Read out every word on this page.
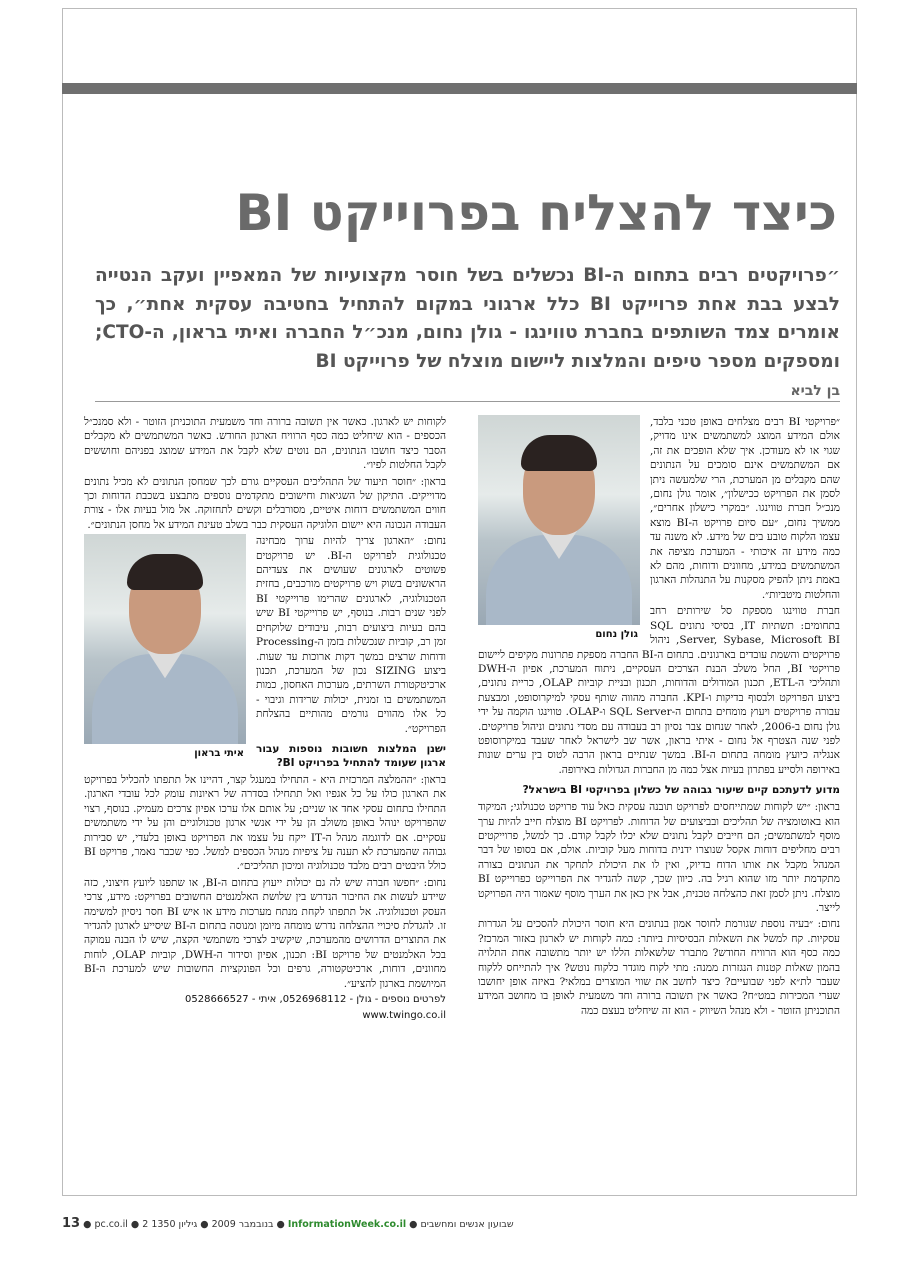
כיצד להצליח בפרוייקט BI
״פרויקטים רבים בתחום ה-BI נכשלים בשל חוסר מקצועיות של המאפיין ועקב הנטייה לבצע בבת אחת פרוייקט BI כלל ארגוני במקום להתחיל בחטיבה עסקית אחת״, כך אומרים צמד השותפים בחברת טווינגו - גולן נחום, מנכ״ל החברה ואיתי בראון, ה-CTO; ומספקים מספר טיפים והמלצות ליישום מוצלח של פרוייקט BI
בן לביא
גולן נחום

״פרויקטי BI רבים מצלחים באופן טכני בלבד, אולם המידע המוצג למשתמשים אינו מדויק, שגוי או לא מעודכן. איך שלא הופכים את זה, אם המשתמשים אינם סומכים על הנתונים שהם מקבלים מן המערכת, הרי שלמעשה ניתן לסמן את הפרויקט ככישלון״, אומר גולן נחום, מנכ״ל חברת טווינגו. ״במקרי כישלון אחרים״, ממשיך נחום, ״עם סיום פרויקט ה-BI מוצא עצמו הלקוח טובע בים של מידע. לא משנה עד כמה מידע זה איכותי - המערכת מציפה את המשתמשים במידע, מחוונים ודוחות, מהם לא באמת ניתן להפיק מסקנות על התנהלות הארגון והחלטות מיטביות״.

חברת טווינגו מספקת סל שירותים רחב בתחומים: תשתיות IT, בסיסי נתונים SQL Server, Sybase, Microsoft BI, ניהול פרויקטים והשמת עובדים בארגונים. בתחום ה-BI החברה מספקת פתרונות מקיפים ליישום פרויקטי BI, החל משלב הבנת הצרכים העסקיים, ניתוח המערכת, אפיון ה-DWH ותהליכי ה-ETL, תכנון המודולים והדוחות, תכנון ובניית קוביות OLAP, כריית נתונים, ביצוע הפרויקט ולבסוף בדיקות ו-KPI. החברה מהווה שותף עסקי למיקרוסופט, ומבצעת עבורה פרויקטים ויעוץ מומחים בתחום ה-SQL Server ו-OLAP. טווינגו הוקמה על ידי גולן נחום ב-2006, לאחר שנחום צבר נסיון רב בעבודה עם מסדי נתונים וניהול פרויקטים. לפני שנה הצטרף אל נחום - איתי בראון, אשר שב לישראל לאחר שעבד במיקרוסופט אנגליה כיועץ מומחה בתחום ה-BI. במשך שנתיים בראון הרבה לטוס בין ערים שונות באירופה ולסייע בפתרון בעיות אצל כמה מן החברות הגדולות באירופה.

מדוע לדעתכם קיים שיעור גבוהה של כשלון בפרויקטי BI בישראל?

בראון: ״יש לקוחות שמתייחסים לפרויקט תובנה עסקית כאל עוד פרויקט טכנולוגי; המיקוד הוא באוטומציה של תהליכים ובביצועים של הדוחות. לפרויקט BI מוצלח חייב להיות ערך מוסף למשתמשים; הם חייבים לקבל נתונים שלא יכלו לקבל קודם. כך למשל, פרוייקטים רבים מחליפים דוחות אקסל שנוצרו ידנית בדוחות מעל קוביות. אולם, אם בסופו של דבר המנהל מקבל את אותו הדוח בדיוק, ואין לו את היכולת לתחקר את הנתונים בצורה מתקדמת יותר מזו שהוא רגיל בה. כיוון שכך, קשה להגדיר את הפרוייקט כפרוייקט BI מוצלח. ניתן לסמן זאת כהצלחה טכנית, אבל אין כאן את הערך מוסף שאמור היה הפרויקט לייצר.

נחום: ״בעיה נוספת שגורמת לחוסר אמון בנתונים היא חוסר היכולת להסכים על הגדרות עסקיות. קח למשל את השאלות הבסיסיות ביותר: כמה לקוחות יש לארגון באזור המרכז? כמה כסף הוא הרוויח החודש? מתברר שלשאלות הללו יש יותר מתשובה אחת התלויה בהמון שאלות קטנות הנגזרות ממנה: מתי לקוח מוגדר כלקוח נוטש? איך להתייחס ללקוח שעבר לת״א לפני שבועיים? כיצד לחשב את שווי המוצרים במלאי? באיזה אופן יחושבו שערי המכירות במט״ח? כאשר אין תשובה ברורה וחד משמעית לאופן בו מחושב המידע התוכניתן הזוטר - ולא מנהל השיווק - הוא זה שיחליט בעצם כמה

לקוחות יש לארגון. כאשר אין תשובה ברורה וחד משמעית התוכניתן הזוטר - ולא סמנכ״ל הכספים - הוא שיחליט כמה כסף הרוויח הארגון החודש. כאשר המשתמשים לא מקבלים הסבר כיצד חושבו הנתונים, הם נוטים שלא לקבל את המידע שמוצג בפניהם וחוששים לקבל החלטות לפיו״.

בראון: ״חוסר תיעוד של התהליכים העסקיים גורם לכך שמחסן הנתונים לא מכיל נתונים מדוייקים. התיקון של השגיאות וחישובים מתקדמים נוספים מתבצע בשכבת הדוחות וכך חווים המשתמשים דוחות איטיים, מסורבלים וקשים לתחזוקה. אל מול בעיות אלו - צורת העבודה הנכונה היא יישום הלוגיקה העסקית כבר בשלב טעינת המידע אל מחסן הנתונים״.

איתי בראון

נחום: ״הארגון צריך להיות ערוך מבחינה טכנולוגית לפרויקט ה-BI. יש פרויקטים פשוטים לארגונים שעושים את צעדיהם הראשונים בשוק ויש פרויקטים מורכבים, בחזית הטכנולוגיה, לארגונים שהרימו פרוייקטי BI לפני שנים רבות. בנוסף, יש פרוייקטי BI שיש בהם בעיות ביצועים רבות, עיבודים שלוקחים זמן רב, קוביות שנכשלות בזמן ה-Processing ודוחות שרצים במשך דקות ארוכות עד שעות. ביצוע SIZING נכון של המערכת, תכנון ארכיטקטורת השרתים, מערכות האחסון, כמות המשתמשים בו זמנית, יכולות שרידות וגיבוי - כל אלו מהווים גורמים מהותיים בהצלחת הפרויקט״.

ישנן המלצות חשובות נוספות עבור ארגון שעומד להתחיל בפרויקט BI?

בראון: ״ההמלצה המרכזית היא - התחילו במעגל קצר, דהיינו אל תתפתו להכליל בפרויקט את הארגון כולו על כל אגפיו ואל תתחילו בסדרה של ראיונות עומק לכל עובדי הארגון. התחילו בתחום עסקי אחד או שניים; על אותם אלו ערכו אפיון צרכים מעמיק. בנוסף, רצוי שהפרויקט ינוהל באופן משולב הן על ידי אנשי ארגון טכנולוגיים והן על ידי משתמשים עסקיים. אם לדוגמה מנהל ה-IT ייקח על עצמו את הפרויקט באופן בלעדי, יש סבירות גבוהה שהמערכת לא תענה על ציפיות מנהל הכספים למשל. כפי שכבר נאמר, פרויקט BI כולל היבטים רבים מלבד טכנולוגיה ומיכון תהליכים״.

נחום: ״חפשו חברה שיש לה גם יכולות ייעוץ בתחום ה-BI, או שתפנו ליועץ חיצוני, כזה שיידע לעשות את החיבור הנדרש בין שלושת האלמנטים החשובים בפרויקט: מידע, צרכי העסק וטכנולוגיה. אל תתפתו לקחת מנתח מערכות מידע או איש BI חסר ניסיון למשימה זו. להגדלת סיכויי ההצלחה נדרש מומחה מיומן ומנוסה בתחום ה-BI שיסייע לארגון להגדיר את התוצרים הדרושים מהמערכת, שיקשיב לצרכי משתמשי הקצה, שיש לו הבנה עמוקה בכל האלמנטים של פרויקט BI: תכנון, אפיון וסידור ה-DWH, קוביות OLAP, לוחות מחוונים, דוחות, ארכיטקטורה, גרפים וכל הפונקציות החשובות שיש למערכת ה-BI המיושמת בארגון להציע״.

לפרטים נוספים - גולן - 0526968112, איתי - 0528666527

www.twingo.co.il

13 ● pc.co.il ● 2 בנובמבר 2009 ● גיליון 1350 ● InformationWeek.co.il ● שבועון אנשים ומחשבים
